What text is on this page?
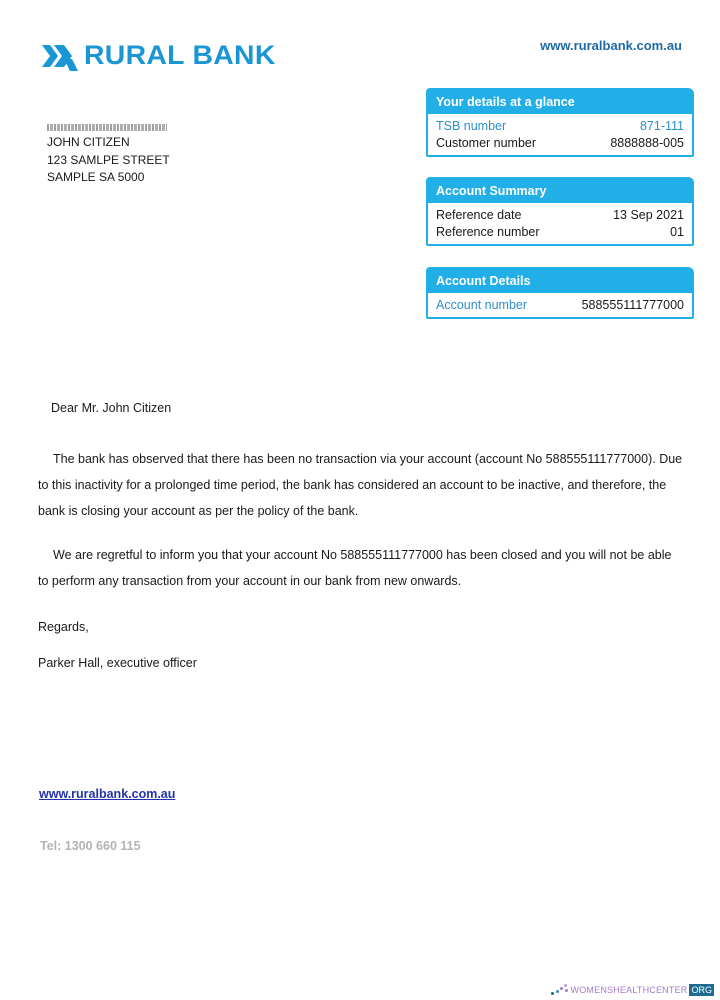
RURAL BANK	www.ruralbank.com.au
JOHN CITIZEN
123 SAMLPE STREET
SAMPLE SA 5000
Your details at a glance
TSB number	871-111
Customer number	8888888-005
Account Summary
Reference date	13 Sep 2021
Reference number	01
Account Details
Account number	588555111777000
Dear Mr. John Citizen
The bank has observed that there has been no transaction via your account (account No 588555111777000). Due
to this inactivity for a prolonged time period, the bank has considered an account to be inactive, and therefore, the
bank is closing your account as per the policy of the bank.
We are regretful to inform you that your account No 588555111777000 has been closed and you will not be able
to perform any transaction from your account in our bank from new onwards.
Regards,
Parker Hall, executive officer
www.ruralbank.com.au
Tel: 1300 660 115
WOMENSHEALTHCENTER ORG
